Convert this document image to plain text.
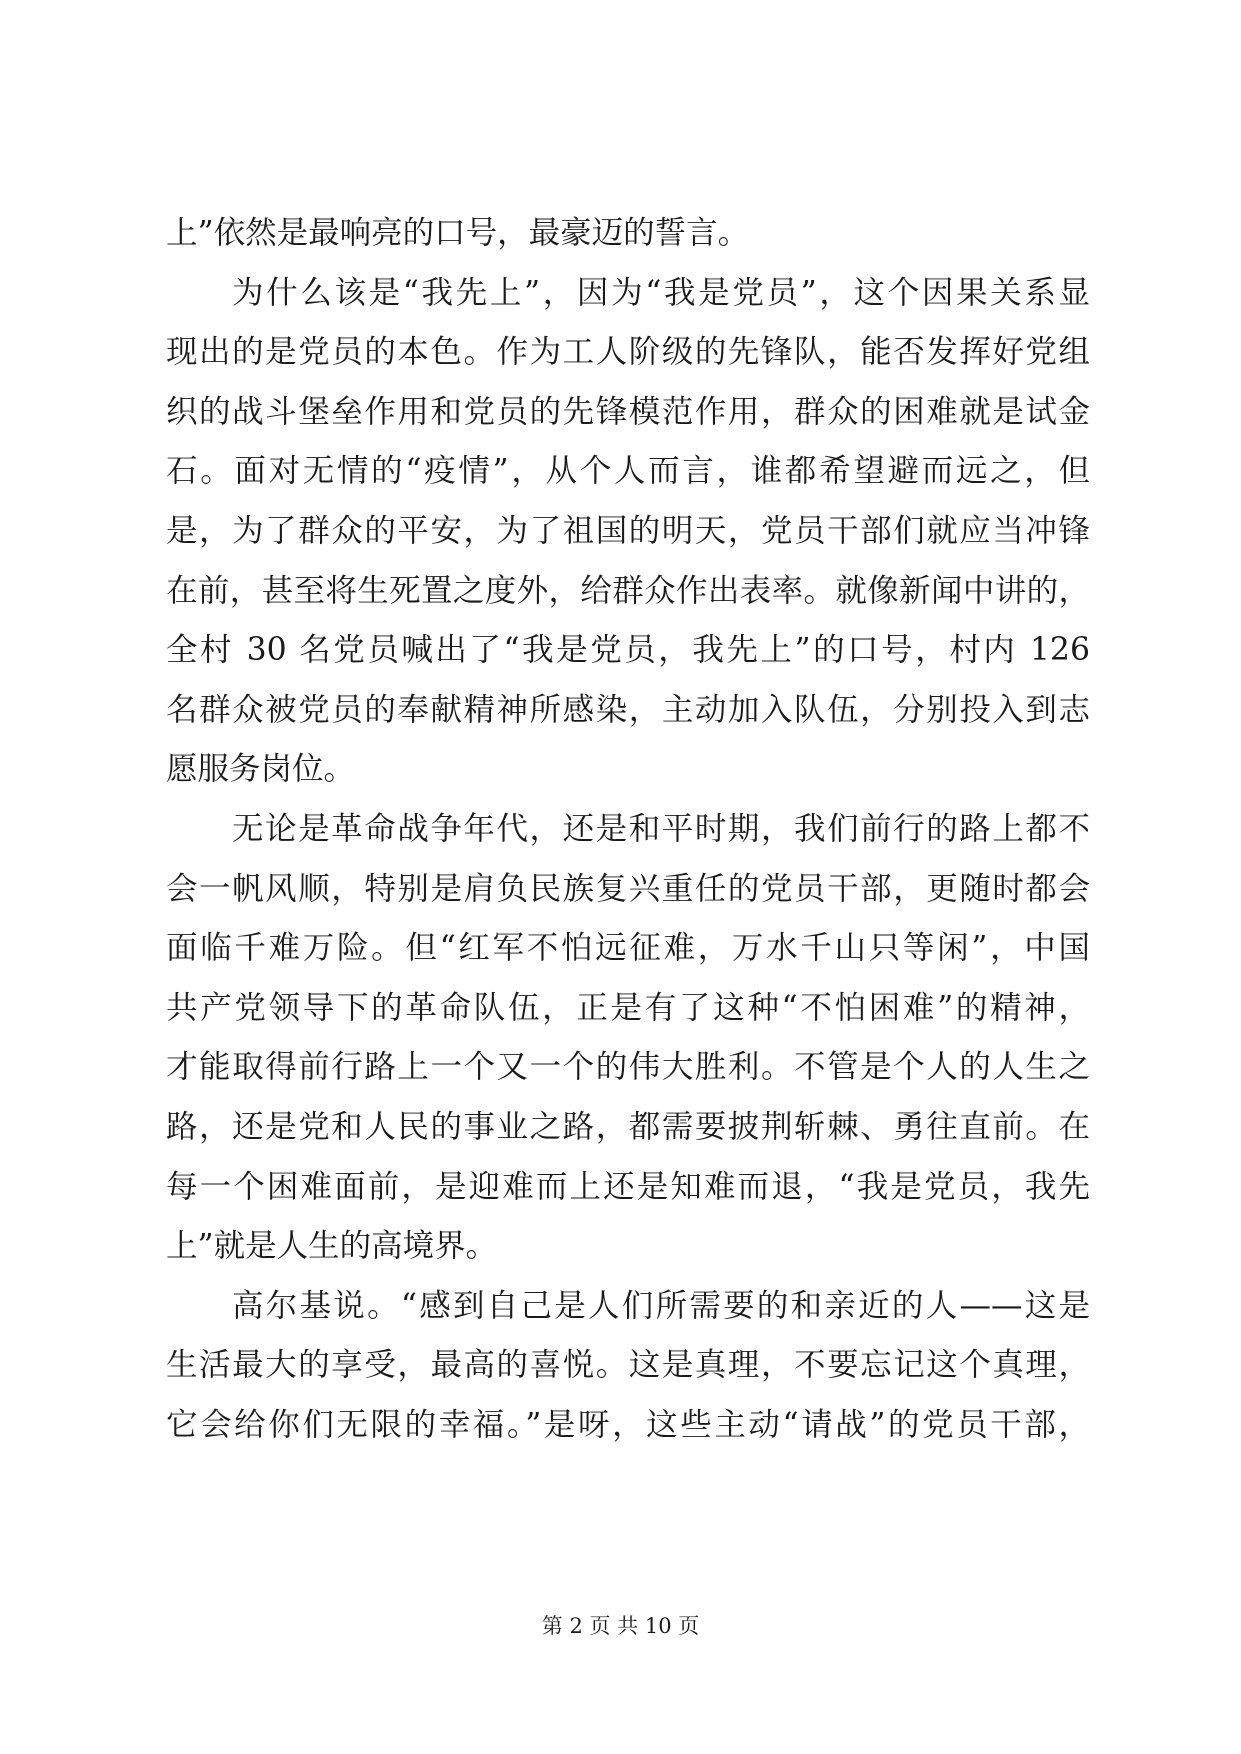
上”依然是最响亮的口号，最豪迈的誓言。
为什么该是“我先上”，因为“我是党员”，这个因果关系显
现出的是党员的本色。作为工人阶级的先锋队，能否发挥好党组
织的战斗堡垒作用和党员的先锋模范作用，群众的困难就是试金
石。面对无情的“疫情”，从个人而言，谁都希望避而远之，但
是，为了群众的平安，为了祖国的明天，党员干部们就应当冲锋
在前，甚至将生死置之度外，给群众作出表率。就像新闻中讲的，
全村 30 名党员喊出了“我是党员，我先上”的口号，村内 126
名群众被党员的奉献精神所感染，主动加入队伍，分别投入到志
愿服务岗位。
无论是革命战争年代，还是和平时期，我们前行的路上都不
会一帆风顺，特别是肩负民族复兴重任的党员干部，更随时都会
面临千难万险。但“红军不怕远征难，万水千山只等闲”，中国
共产党领导下的革命队伍，正是有了这种“不怕困难”的精神，
才能取得前行路上一个又一个的伟大胜利。不管是个人的人生之
路，还是党和人民的事业之路，都需要披荆斩棘、勇往直前。在
每一个困难面前，是迎难而上还是知难而退，“我是党员，我先
上”就是人生的高境界。
高尔基说。“感到自己是人们所需要的和亲近的人——这是
生活最大的享受，最高的喜悦。这是真理，不要忘记这个真理，
它会给你们无限的幸福。”是呀，这些主动“请战”的党员干部，
第 2 页 共 10 页
